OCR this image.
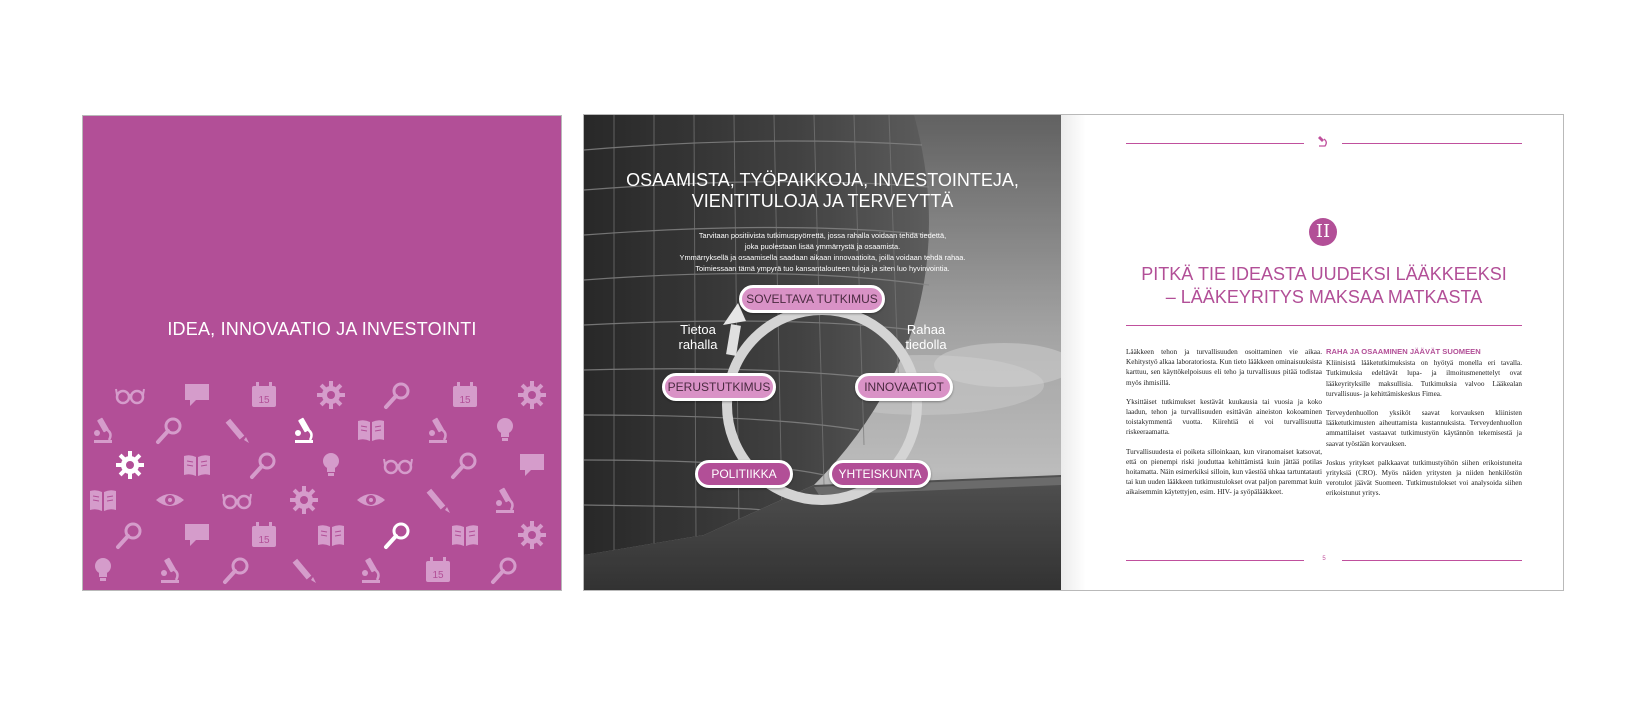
IDEA, INNOVAATIO JA INVESTOINTI
15	15
15
15
OSAAMISTA, TYÖPAIKKOJA, INVESTOINTEJA,
VIENTITULOJA JA TERVEYTTÄ
Tarvitaan positiivista tutkimuspyörrettä, jossa rahalla voidaan tehdä tiedettä,
joka puolestaan lisää ymmärrystä ja osaamista.
Ymmärryksellä ja osaamisella saadaan aikaan innovaatioita, joilla voidaan tehdä rahaa.
Toimiessaan tämä ympyrä tuo kansantalouteen tuloja ja siten luo hyvinvointia.
SOVELTAVA TUTKIMUS
PERUSTUTKIMUS	INNOVAATIOT
POLITIIKKA	YHTEISKUNTA
Tietoa
rahalla
Rahaa
tiedolla
II
PITKÄ TIE IDEASTA UUDEKSI LÄÄKKEEKSI
– LÄÄKEYRITYS MAKSAA MATKASTA

Lääkkeen tehon ja turvallisuuden osoittaminen vie aikaa. Kehitystyö alkaa laboratoriosta. Kun tieto lääkkeen ominaisuuksista karttuu, sen käyttökelpoisuus eli teho ja turvallisuus pitää todistaa myös ihmisillä.

Yksittäiset tutkimukset kestävät kuukausia tai vuosia ja koko laadun, tehon ja turvallisuuden esittävän aineiston kokoaminen toistakymmentä vuotta. Kiirehtiä ei voi turvallisuutta riskeeraamatta.

Turvallisuudesta ei poiketa silloinkaan, kun viranomaiset katsovat, että on pienempi riski jouduttaa kehittämistä kuin jättää potilas hoitamatta. Näin esimerkiksi silloin, kun väestöä uhkaa tartuntatauti tai kun uuden lääkkeen tutkimustulokset ovat paljon paremmat kuin aikaisemmin käytettyjen, esim. HIV- ja syöpälääkkeet.

RAHA JA OSAAMINEN JÄÄVÄT SUOMEEN

Kliinisistä lääketutkimuksista on hyötyä monella eri tavalla. Tutkimuksia edeltävät lupa- ja ilmoitusmenettelyt ovat lääkeyrityksille maksullisia. Tutkimuksia valvoo Lääkealan turvallisuus- ja kehittämiskeskus Fimea.

Terveydenhuollon yksiköt saavat korvauksen kliinisten lääketutkimusten aiheuttamista kustannuksista. Terveydenhuollon ammattilaiset vastaavat tutkimustyön käytännön tekemisestä ja saavat työstään korvauksen.

Joskus yritykset palkkaavat tutkimustyöhön siihen erikoistuneita yrityksiä (CRO). Myös näiden yritysten ja niiden henkilöstön verotulot jäävät Suomeen. Tutkimustulokset voi analysoida siihen erikoistunut yritys.

5
